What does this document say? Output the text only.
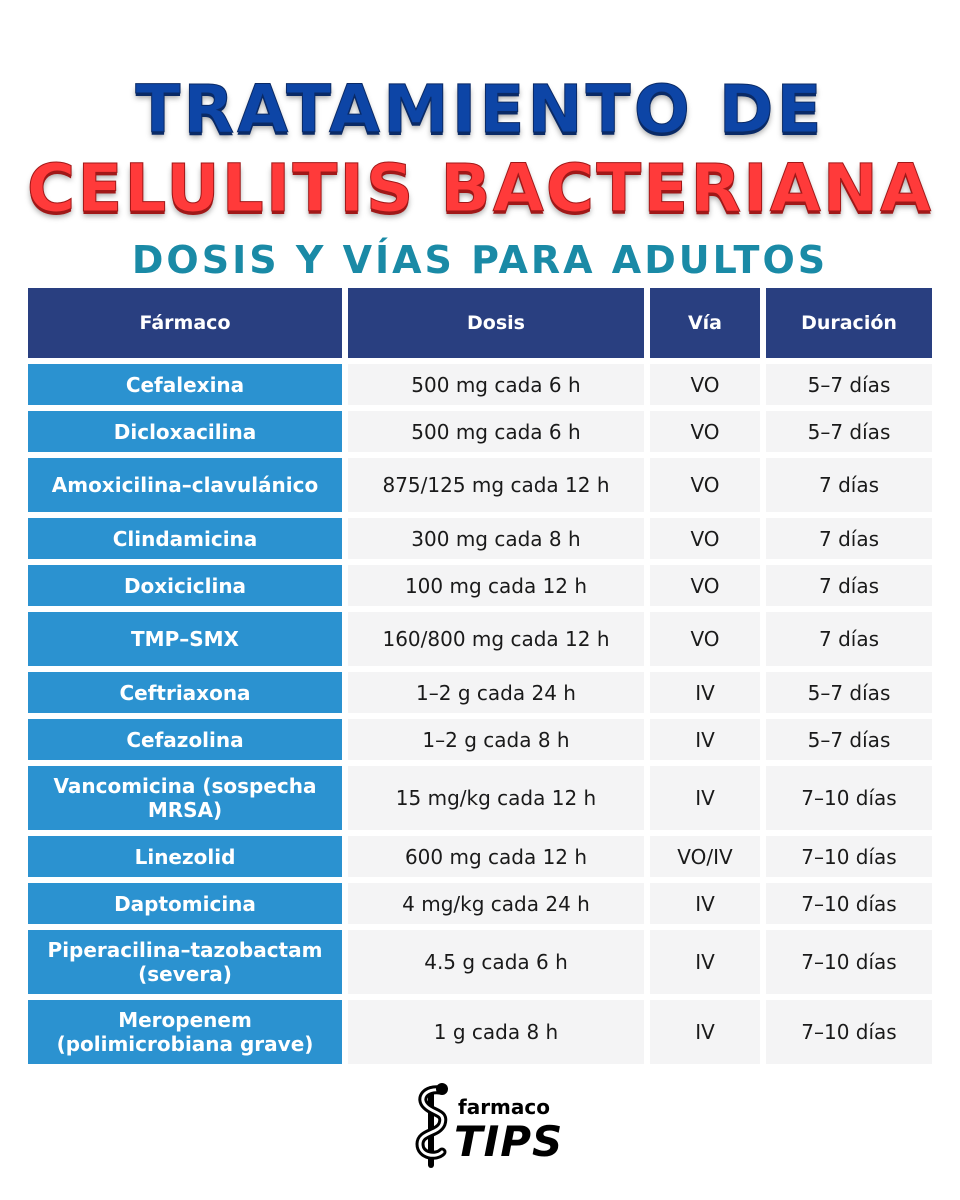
TRATAMIENTO DE
CELULITIS BACTERIANA
DOSIS Y VÍAS PARA ADULTOS
Fármaco	Dosis	Vía	Duración
Cefalexina	500 mg cada 6 h	VO	5–7 días
Dicloxacilina	500 mg cada 6 h	VO	5–7 días
Amoxicilina–clavulánico	875/125 mg cada 12 h	VO	7 días
Clindamicina	300 mg cada 8 h	VO	7 días
Doxiciclina	100 mg cada 12 h	VO	7 días
TMP–SMX	160/800 mg cada 12 h	VO	7 días
Ceftriaxona	1–2 g cada 24 h	IV	5–7 días
Cefazolina	1–2 g cada 8 h	IV	5–7 días
Vancomicina (sospecha MRSA)	15 mg/kg cada 12 h	IV	7–10 días
Linezolid	600 mg cada 12 h	VO/IV	7–10 días
Daptomicina	4 mg/kg cada 24 h	IV	7–10 días
Piperacilina–tazobactam (severa)	4.5 g cada 6 h	IV	7–10 días
Meropenem (polimicrobiana grave)	1 g cada 8 h	IV	7–10 días
farmaco
TIPS
